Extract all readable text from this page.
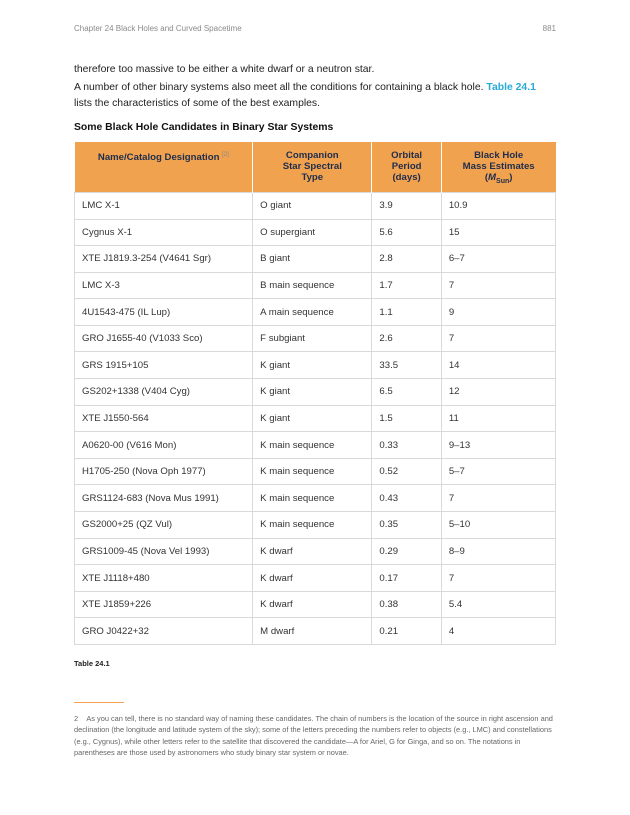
Chapter 24 Black Holes and Curved Spacetime	881
therefore too massive to be either a white dwarf or a neutron star.
A number of other binary systems also meet all the conditions for containing a black hole. Table 24.1 lists the characteristics of some of the best examples.
Some Black Hole Candidates in Binary Star Systems
Name/Catalog Designation [2]	Companion
Star Spectral
Type	Orbital
Period
(days)	Black Hole
Mass Estimates
$(M_{Sun})$
LMC X-1	O giant	3.9	10.9
Cygnus X-1	O supergiant	5.6	15
XTE J1819.3-254 (V4641 Sgr)	B giant	2.8	6–7
LMC X-3	B main sequence	1.7	7
4U1543-475 (IL Lup)	A main sequence	1.1	9
GRO J1655-40 (V1033 Sco)	F subgiant	2.6	7
GRS 1915+105	K giant	33.5	14
GS202+1338 (V404 Cyg)	K giant	6.5	12
XTE J1550-564	K giant	1.5	11
A0620-00 (V616 Mon)	K main sequence	0.33	9–13
H1705-250 (Nova Oph 1977)	K main sequence	0.52	5–7
GRS1124-683 (Nova Mus 1991)	K main sequence	0.43	7
GS2000+25 (QZ Vul)	K main sequence	0.35	5–10
GRS1009-45 (Nova Vel 1993)	K dwarf	0.29	8–9
XTE J1118+480	K dwarf	0.17	7
XTE J1859+226	K dwarf	0.38	5.4
GRO J0422+32	M dwarf	0.21	4
Table 24.1
2 As you can tell, there is no standard way of naming these candidates. The chain of numbers is the location of the source in right ascension and declination (the longitude and latitude system of the sky); some of the letters preceding the numbers refer to objects (e.g., LMC) and constellations (e.g., Cygnus), while other letters refer to the satellite that discovered the candidate—A for Ariel, G for Ginga, and so on. The notations in parentheses are those used by astronomers who study binary star system or novae.
